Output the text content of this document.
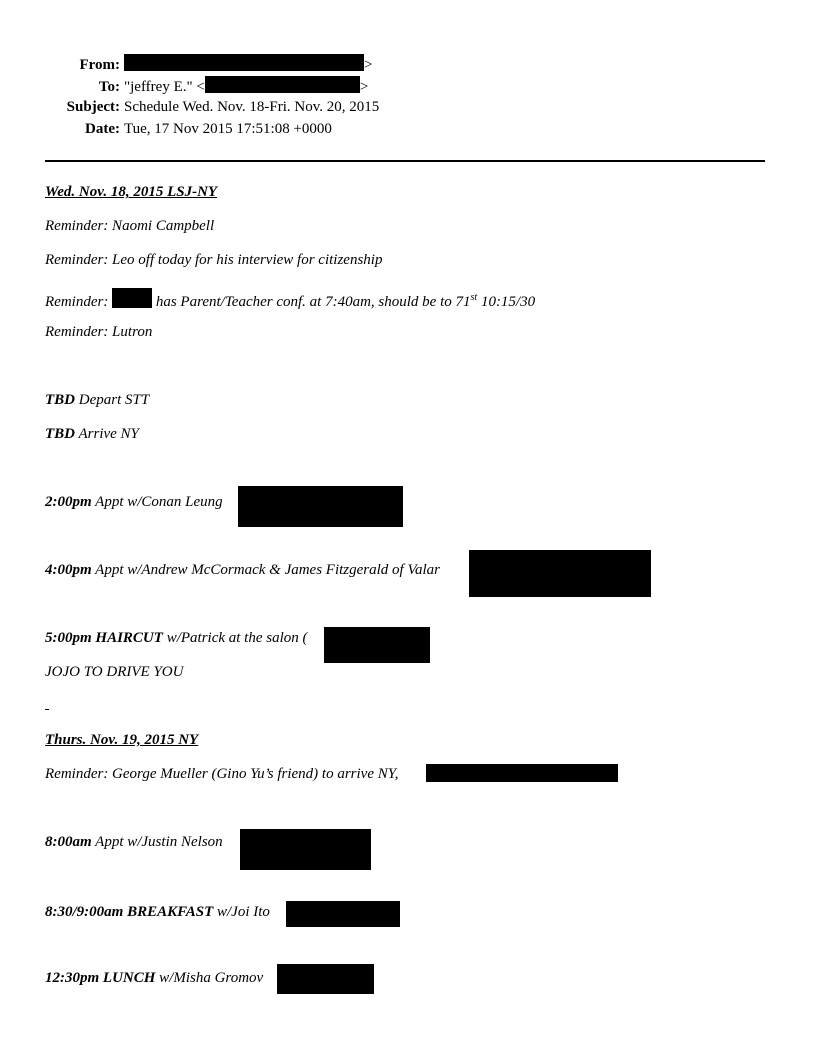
From:	>
To: "jeffrey E." <	>
Subject: Schedule Wed. Nov. 18-Fri. Nov. 20, 2015
Date: Tue, 17 Nov 2015 17:51:08 +0000
Wed. Nov. 18, 2015 LSJ-NY
Reminder: Naomi Campbell
Reminder: Leo off today for his interview for citizenship
Reminder:	has Parent/Teacher conf. at 7:40am, should be to 71st 10:15/30
Reminder: Lutron
TBD Depart STT
TBD Arrive NY
2:00pm Appt w/Conan Leung
4:00pm Appt w/Andrew McCormack & James Fitzgerald of Valar
5:00pm HAIRCUT w/Patrick at the salon (
JOJO TO DRIVE YOU
Thurs. Nov. 19, 2015 NY
Reminder: George Mueller (Gino Yu’s friend) to arrive NY,
8:00am Appt w/Justin Nelson
8:30/9:00am BREAKFAST w/Joi Ito
12:30pm LUNCH w/Misha Gromov
